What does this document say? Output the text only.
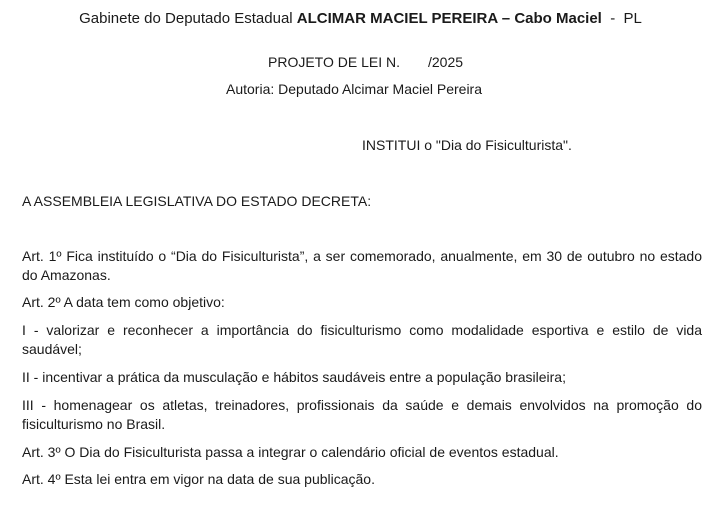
Gabinete do Deputado Estadual ALCIMAR MACIEL PEREIRA – Cabo Maciel  -  PL
PROJETO DE LEI N. /2025
Autoria: Deputado Alcimar Maciel Pereira
INSTITUI o "Dia do Fisiculturista".
A ASSEMBLEIA LEGISLATIVA DO ESTADO DECRETA:
Art. 1º Fica instituído o “Dia do Fisiculturista”, a ser comemorado, anualmente, em 30 de outubro no estado do Amazonas.
Art. 2º A data tem como objetivo:
I - valorizar e reconhecer a importância do fisiculturismo como modalidade esportiva e estilo de vida saudável;
II - incentivar a prática da musculação e hábitos saudáveis entre a população brasileira;
III - homenagear os atletas, treinadores, profissionais da saúde e demais envolvidos na promoção do fisiculturismo no Brasil.
Art. 3º O Dia do Fisiculturista passa a integrar o calendário oficial de eventos estadual.
Art. 4º Esta lei entra em vigor na data de sua publicação.
